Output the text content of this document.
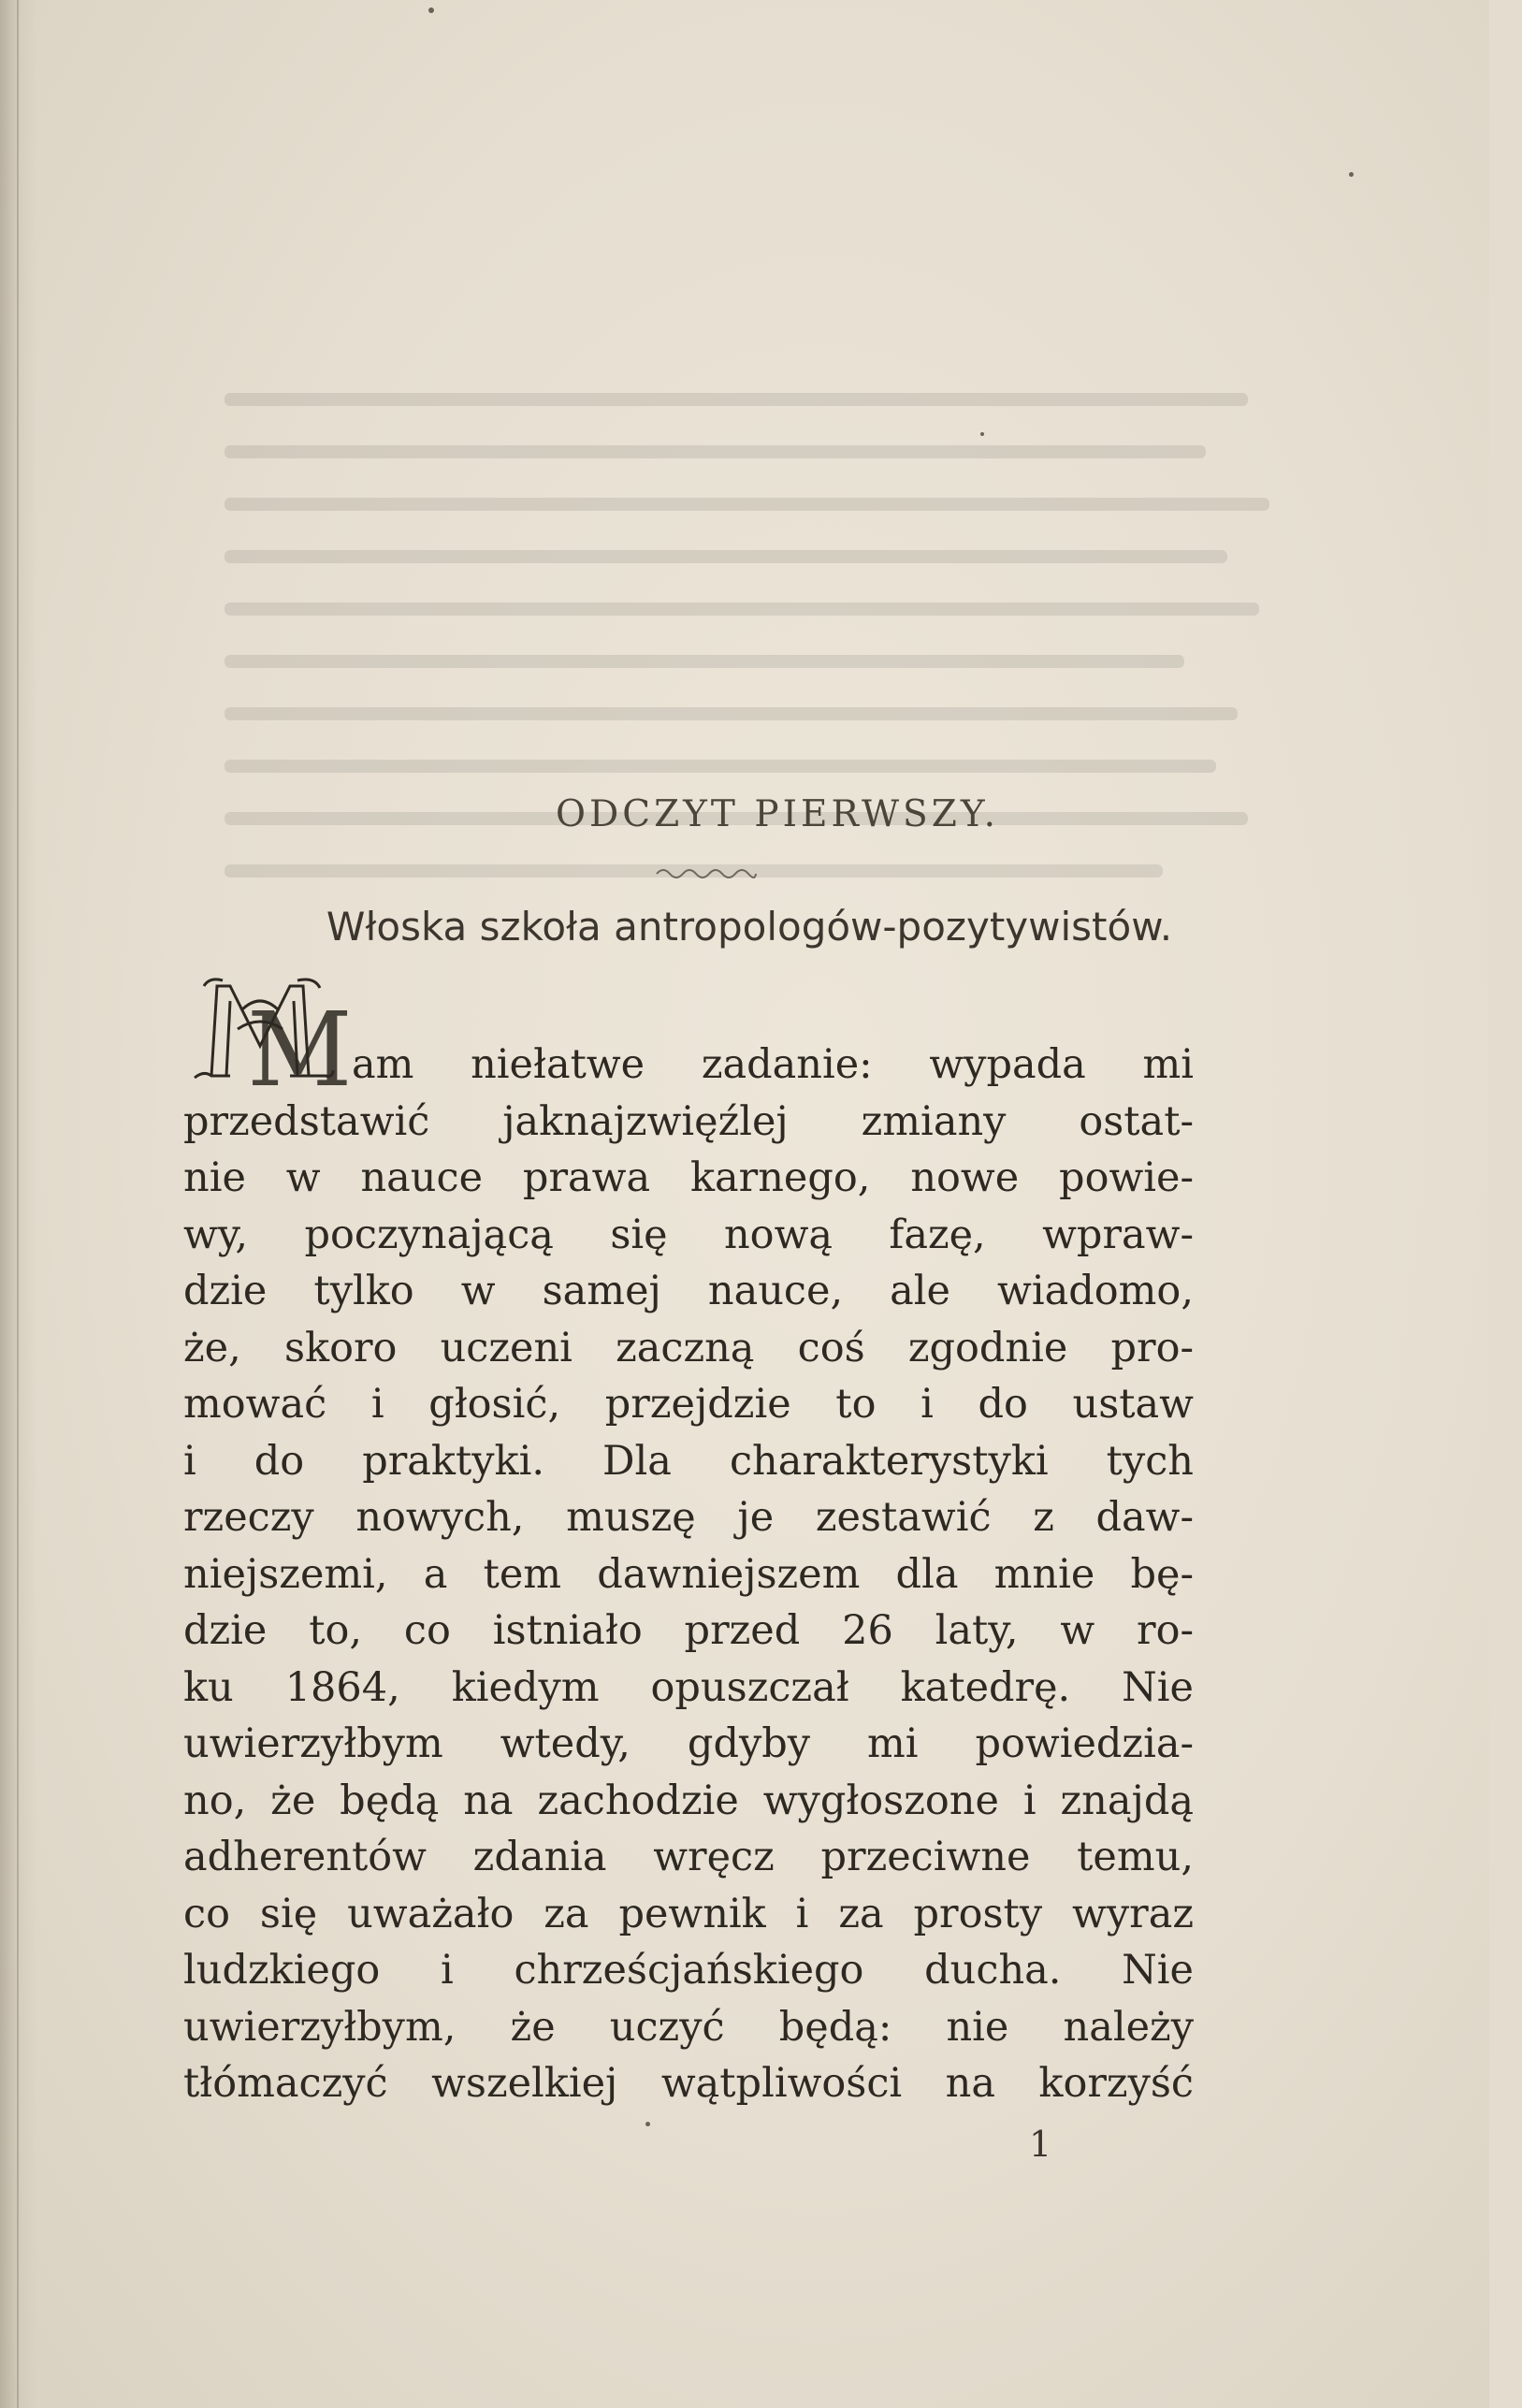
ODCZYT PIERWSZY.
Włoska szkoła antropologów-pozytywistów.
M am niełatwe zadanie: wypada mi
przedstawić jaknajzwięźlej zmiany ostat-
nie w nauce prawa karnego, nowe powie-
wy, poczynającą się nową fazę, wpraw-
dzie tylko w samej nauce, ale wiadomo,
że, skoro uczeni zaczną coś zgodnie pro-
mować i głosić, przejdzie to i do ustaw
i do praktyki. Dla charakterystyki tych
rzeczy nowych, muszę je zestawić z daw-
niejszemi, a tem dawniejszem dla mnie bę-
dzie to, co istniało przed 26 laty, w ro-
ku 1864, kiedym opuszczał katedrę. Nie
uwierzyłbym wtedy, gdyby mi powiedzia-
no, że będą na zachodzie wygłoszone i znajdą
adherentów zdania wręcz przeciwne temu,
co się uważało za pewnik i za prosty wyraz
ludzkiego i chrześcjańskiego ducha. Nie
uwierzyłbym, że uczyć będą: nie należy
tłómaczyć wszelkiej wątpliwości na korzyść
1
